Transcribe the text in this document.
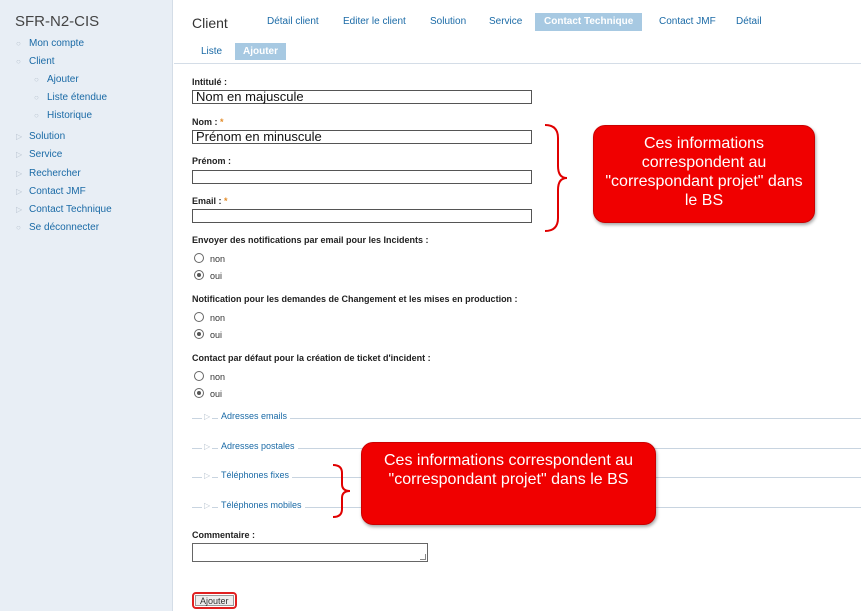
SFR-N2-CIS
○ Mon compte
○ Client
○ Ajouter
○ Liste étendue
○ Historique
▷ Solution
▷ Service
▷ Rechercher
▷ Contact JMF
▷ Contact Technique
○ Se déconnecter
Client	Détail client	Editer le client	Solution	Service	Contact Technique	Contact JMF	Détail
Liste	Ajouter
Intitulé :
Nom en majuscule
Nom : *
Prénom en minuscule
Prénom :
Email : *
Envoyer des notifications par email pour les Incidents :
non
oui
Notification pour les demandes de Changement et les mises en production :
non
oui
Contact par défaut pour la création de ticket d'incident :
non
oui
▷	Adresses emails
▷	Adresses postales
▷	Téléphones fixes
▷	Téléphones mobiles
Commentaire :
Ajouter
Ces informations correspondent au "correspondant projet" dans le BS
Ces informations correspondent au "correspondant projet" dans le BS
